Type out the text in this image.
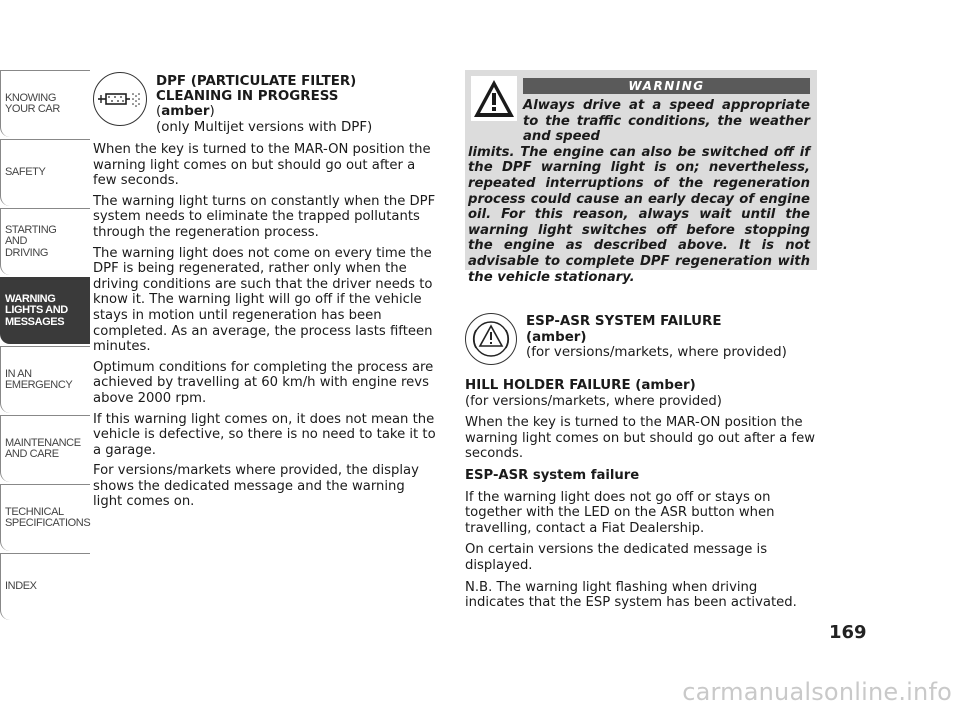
DPF (PARTICULATE FILTER) CLEANING IN PROGRESS
(amber)
(only Multijet versions with DPF)

When the key is turned to the MAR-ON position the warning light comes on but should go out after a few seconds.

The warning light turns on constantly when the DPF system needs to eliminate the trapped pollutants through the regeneration process.

The warning light does not come on every time the DPF is being regenerated, rather only when the driving conditions are such that the driver needs to know it. The warning light will go off if the vehicle stays in motion until regeneration has been completed. As an average, the process lasts fifteen minutes.

Optimum conditions for completing the process are achieved by travelling at 60 km/h with engine revs above 2000 rpm.

If this warning light comes on, it does not mean the vehicle is defective, so there is no need to take it to a garage.

For versions/markets where provided, the display shows the dedicated message and the warning light comes on.

WARNING
Always drive at a speed appropriate to the traffic conditions, the weather and speed
limits. The engine can also be switched off if the DPF warning light is on; nevertheless, repeated interruptions of the regeneration process could cause an early decay of engine oil. For this reason, always wait until the warning light switches off before stopping the engine as described above. It is not advisable to complete DPF regeneration with the vehicle stationary.
ESP-ASR SYSTEM FAILURE
(amber)
(for versions/markets, where provided)

HILL HOLDER FAILURE (amber)

(for versions/markets, where provided)

When the key is turned to the MAR-ON position the warning light comes on but should go out after a few seconds.

ESP-ASR system failure

If the warning light does not go off or stays on together with the LED on the ASR button when travelling, contact a Fiat Dealership.

On certain versions the dedicated message is displayed.

N.B. The warning light flashing when driving indicates that the ESP system has been activated.

KNOWING
YOUR CAR
SAFETY
STARTING
AND
DRIVING
WARNING
LIGHTS AND
MESSAGES
IN AN
EMERGENCY
MAINTENANCE
AND CARE
TECHNICAL
SPECIFICATIONS
INDEX
169
carmanualsonline.info
